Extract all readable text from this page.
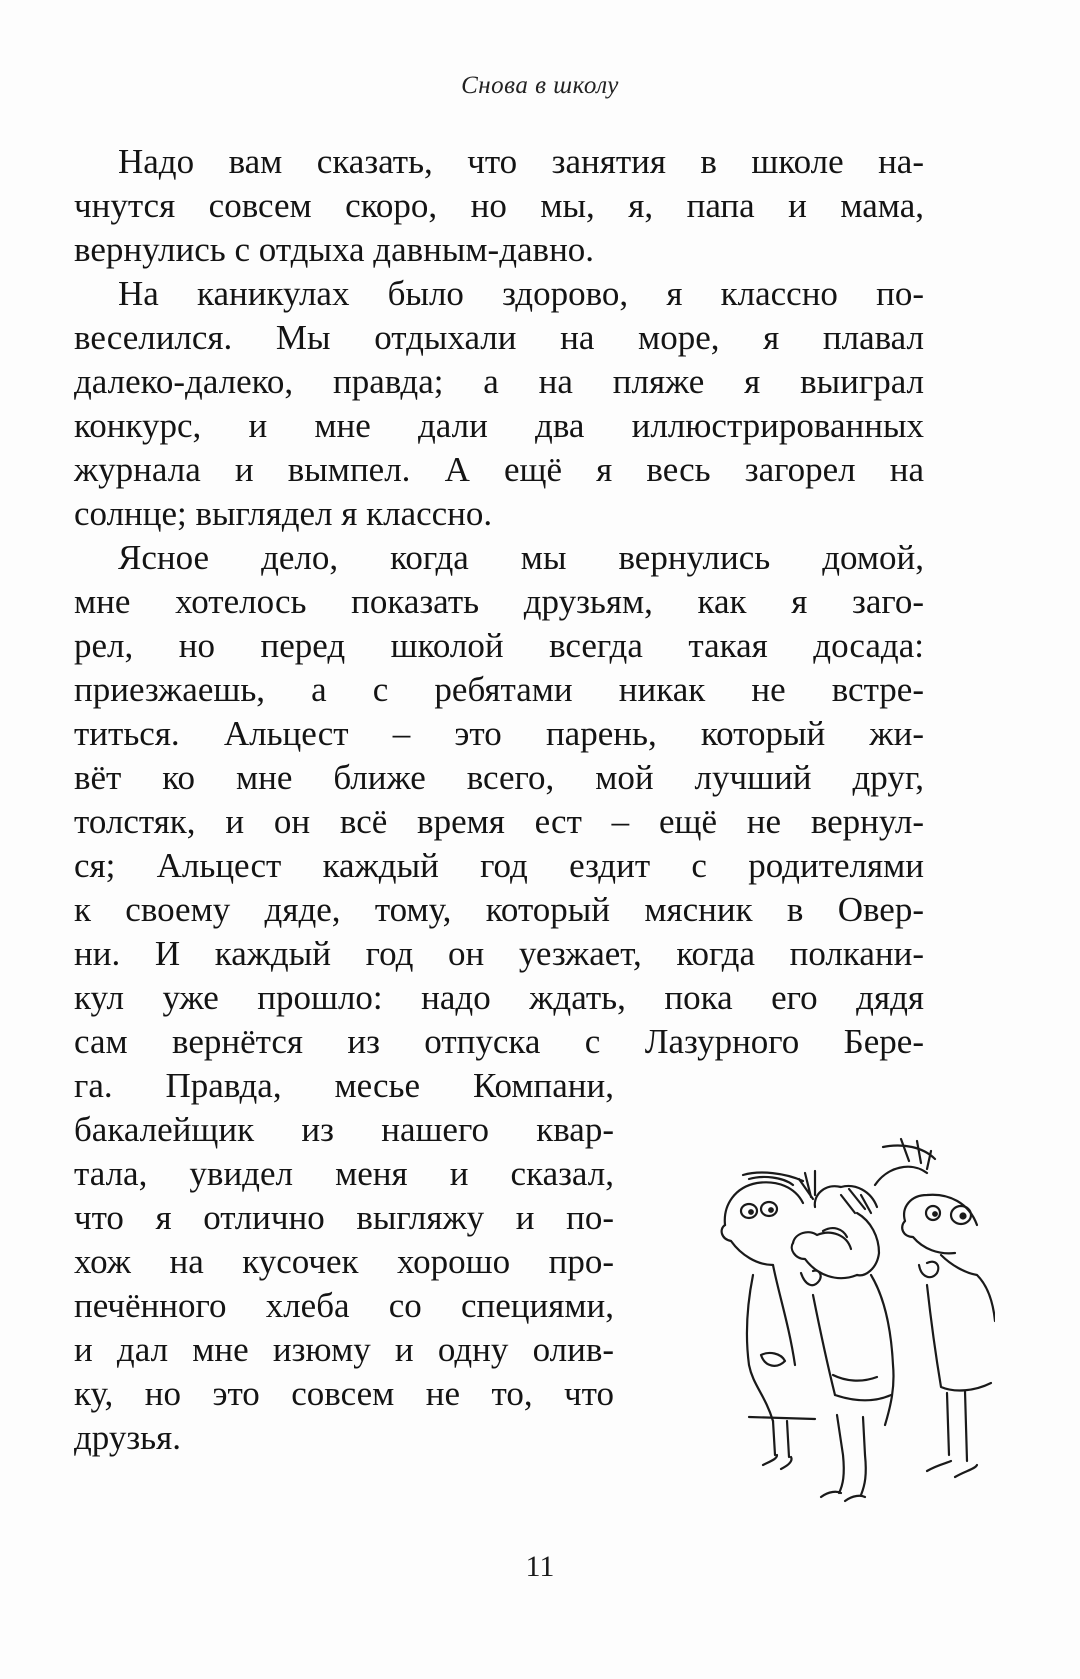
Снова в школу
Надо вам сказать, что занятия в школе на-
чнутся совсем скоро, но мы, я, папа и мама,
вернулись с отдыха давным-давно.
На каникулах было здорово, я классно по-
веселился. Мы отдыхали на море, я плавал
далеко-далеко, правда; а на пляже я выиграл
конкурс, и мне дали два иллюстрированных
журнала и вымпел. А ещё я весь загорел на
солнце; выглядел я классно.
Ясное дело, когда мы вернулись домой,
мне хотелось показать друзьям, как я заго-
рел, но перед школой всегда такая досада:
приезжаешь, а с ребятами никак не встре-
титься. Альцест – это парень, который жи-
вёт ко мне ближе всего, мой лучший друг,
толстяк, и он всё время ест – ещё не вернул-
ся; Альцест каждый год ездит с родителями
к своему дяде, тому, который мясник в Овер-
ни. И каждый год он уезжает, когда полкани-
кул уже прошло: надо ждать, пока его дядя
сам вернётся из отпуска с Лазурного Бере-
га. Правда, месье Компани,
бакалейщик из нашего квар-
тала, увидел меня и сказал,
что я отлично выгляжу и по-
хож на кусочек хорошо про-
печённого хлеба со специями,
и дал мне изюму и одну олив-
ку, но это совсем не то, что
друзья.
11
